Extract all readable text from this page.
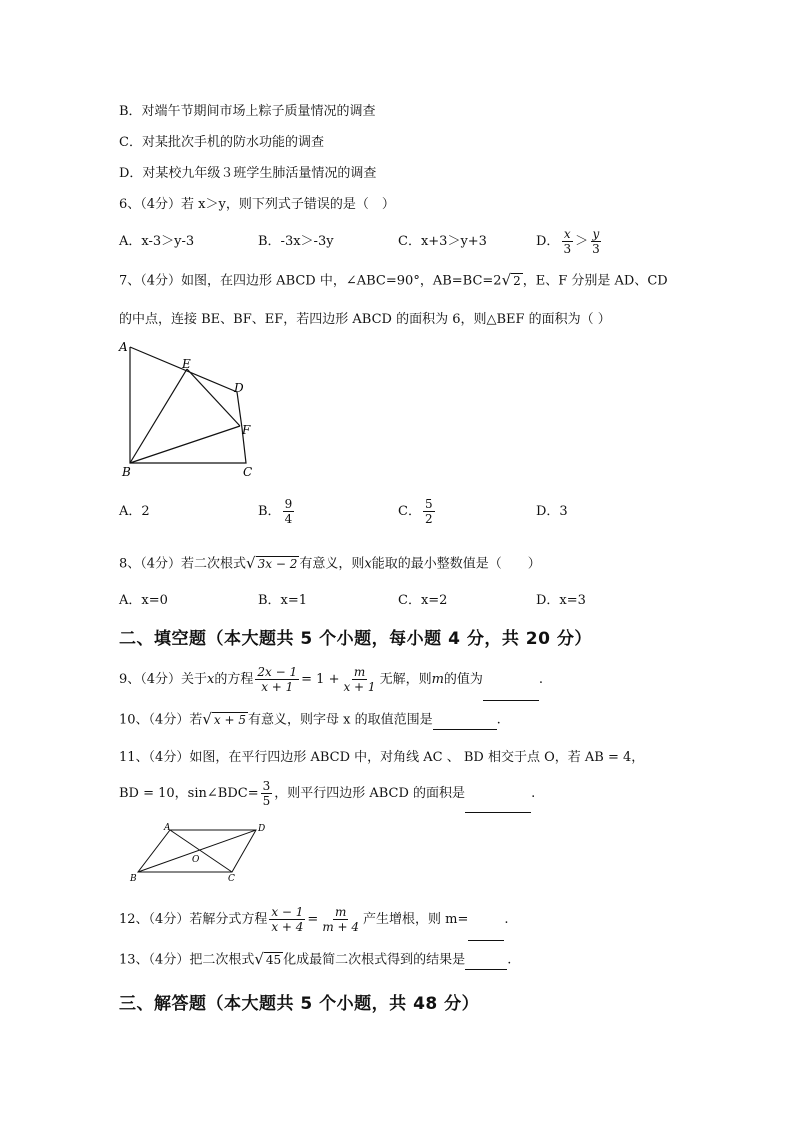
B．对端午节期间市场上粽子质量情况的调查
C．对某批次手机的防水功能的调查
D．对某校九年级３班学生肺活量情况的调查
6、（4分）若 x＞y，则下列式子错误的是（　）
A．x-3＞y-3	B．-3x＞-3y	C．x+3＞y+3	D． $\frac{x}{3} > \frac{y}{3}$
7、（4分）如图，在四边形 ABCD 中，∠ABC=90°，AB=BC=2√ 2 ，E、F 分别是 AD、CD
的中点，连接 BE、BF、EF，若四边形 ABCD 的面积为 6，则△BEF 的面积为（ ）
A
E
D
F
B	C
A．2	B． $\frac{9}{4}$	C． $\frac{5}{2}$	D．3
8、（4分）若二次根式√ 3x − 2 有意义，则x能取的最小整数值是（　　）
A．x=0	B．x=1	C．x=2	D．x=3
二、填空题（本大题共 5 个小题，每小题 4 分，共 20 分）
9、（4分）关于x的方程 $\frac{2x - 1}{x + 1} = 1 + \frac{m}{x + 1}$ 无解，则m的值为	.
10、（4分）若√ x + 5 有意义，则字母 x 的取值范围是	.
11、（4分）如图，在平行四边形 ABCD 中，对角线 AC 、 BD 相交于点 O，若 AB = 4，
BD = 10，sin∠BDC= $\frac{3}{5}$ ，则平行四边形 ABCD 的面积是	.
A	D
O
B	C
12、（4分）若解分式方程 $\frac{x - 1}{x + 4} = \frac{m}{m + 4}$ 产生增根，则 m=	.
13、（4分）把二次根式√ 45 化成最简二次根式得到的结果是	.
三、解答题（本大题共 5 个小题，共 48 分）
